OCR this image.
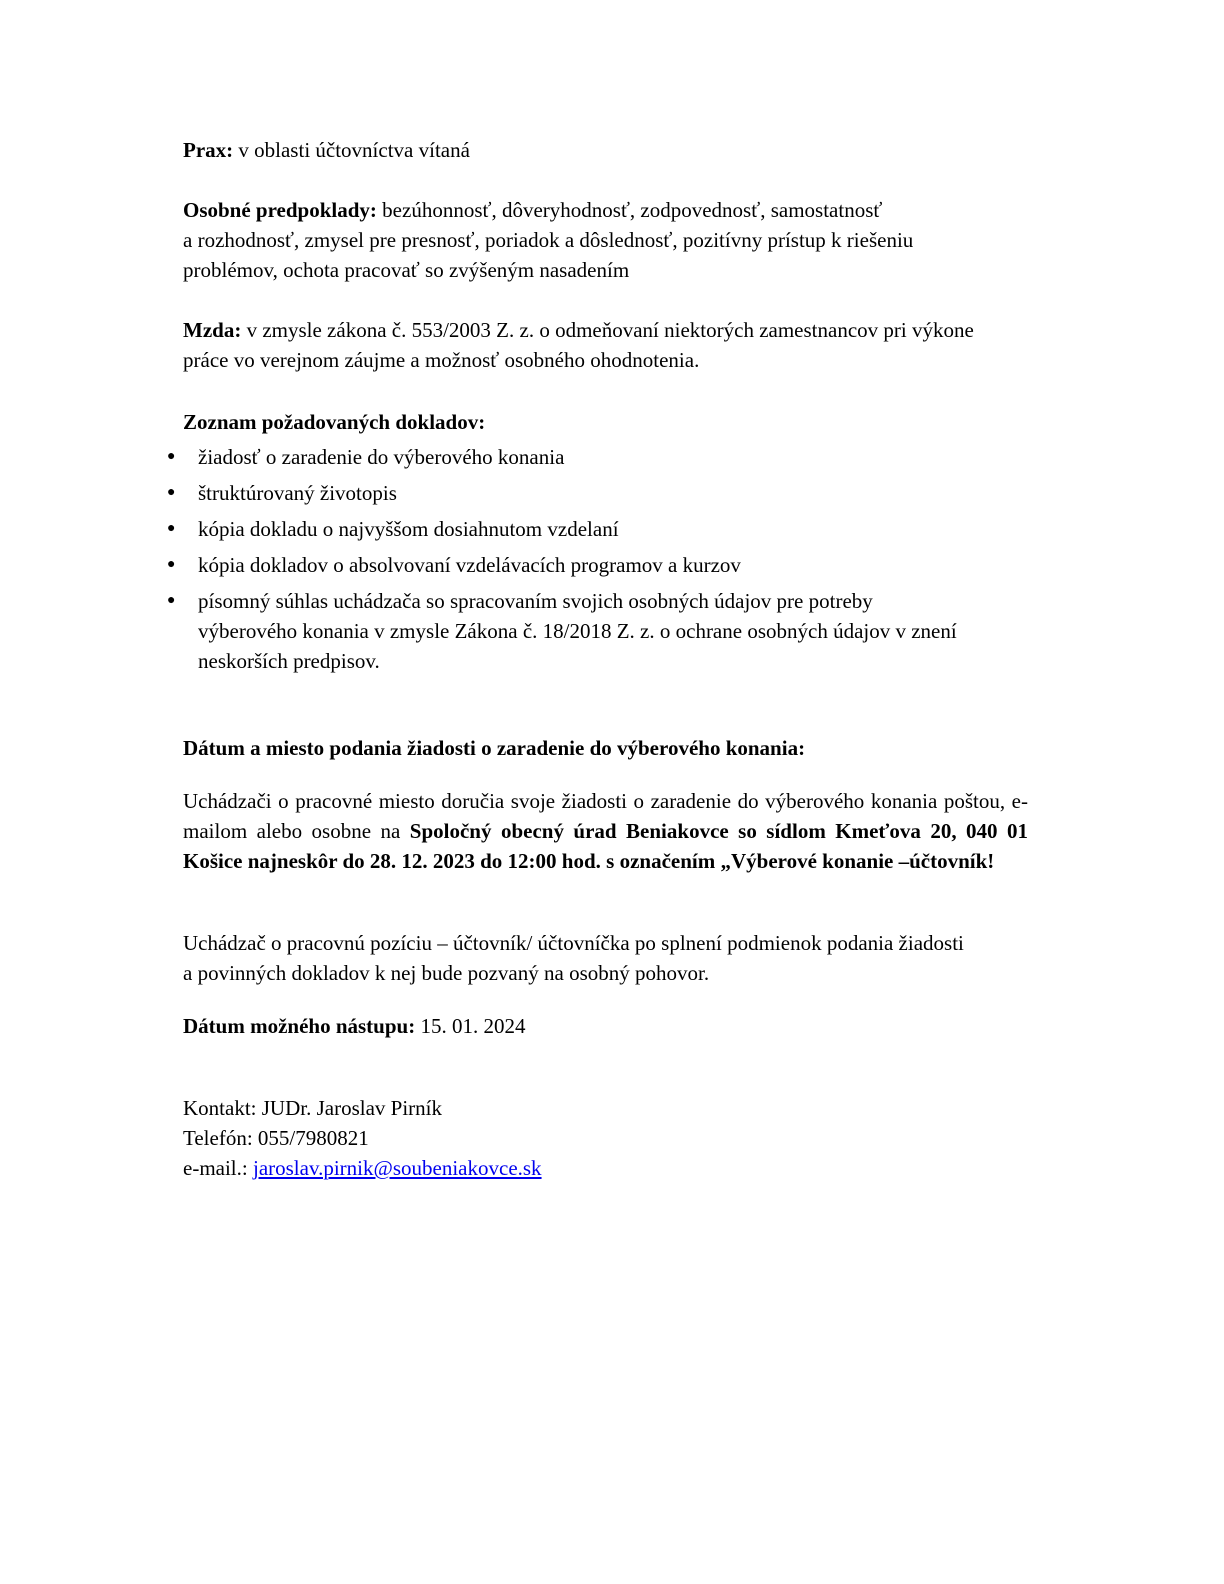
Prax: v oblasti účtovníctva vítaná

Osobné predpoklady: bezúhonnosť, dôveryhodnosť, zodpovednosť, samostatnosť
a rozhodnosť, zmysel pre presnosť, poriadok a dôslednosť, pozitívny prístup k riešeniu
problémov, ochota pracovať so zvýšeným nasadením
Mzda: v zmysle zákona č. 553/2003 Z. z. o odmeňovaní niektorých zamestnancov pri výkone
práce vo verejnom záujme a možnosť osobného ohodnotenia.
Zoznam požadovaných dokladov:
● žiadosť o zaradenie do výberového konania
● štruktúrovaný životopis
● kópia dokladu o najvyššom dosiahnutom vzdelaní
● kópia dokladov o absolvovaní vzdelávacích programov a kurzov
● písomný súhlas uchádzača so spracovaním svojich osobných údajov pre potreby
výberového konania v zmysle Zákona č. 18/2018 Z. z. o ochrane osobných údajov v znení
neskorších predpisov.
Dátum a miesto podania žiadosti o zaradenie do výberového konania:

Uchádzači o pracovné miesto doručia svoje žiadosti o zaradenie do výberového konania poštou, e-mailom alebo osobne na Spoločný obecný úrad Beniakovce so sídlom Kmeťova 20, 040 01 Košice najneskôr do 28. 12. 2023 do 12:00 hod. s označením „Výberové konanie –účtovník!

Uchádzač o pracovnú pozíciu – účtovník/ účtovníčka po splnení podmienok podania žiadosti
a povinných dokladov k nej bude pozvaný na osobný pohovor.

Dátum možného nástupu: 15. 01. 2024

Kontakt: JUDr. Jaroslav Pirník
Telefón: 055/7980821
e-mail.: jaroslav.pirnik@soubeniakovce.sk
